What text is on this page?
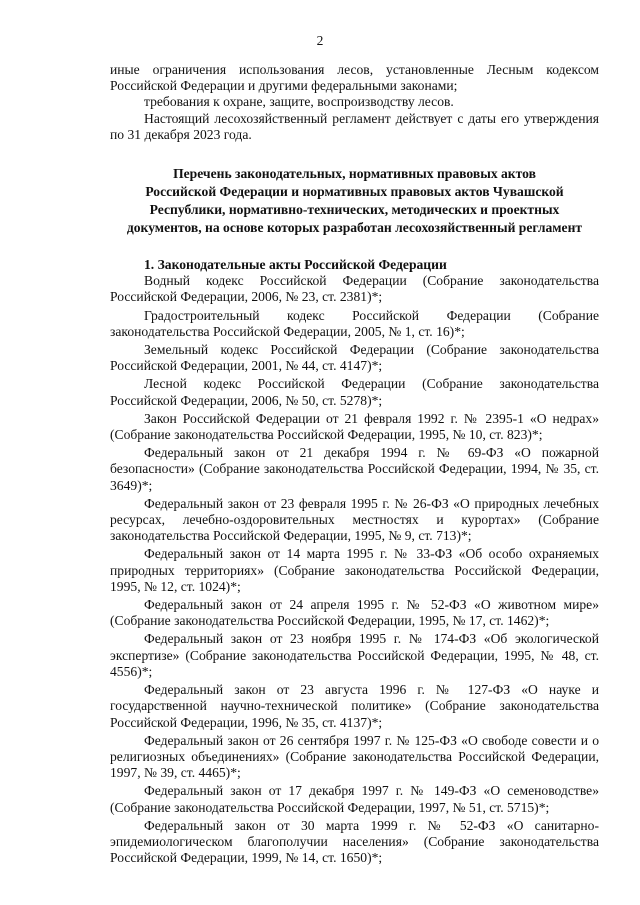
2

иные ограничения использования лесов, установленные Лесным кодексом Российской Федерации и другими федеральными законами;

требования к охране, защите, воспроизводству лесов.

Настоящий лесохозяйственный регламент действует с даты его утверждения по 31 декабря 2023 года.

Перечень законодательных, нормативных правовых актов
Российской Федерации и нормативных правовых актов Чувашской
Республики, нормативно-технических, методических и проектных
документов, на основе которых разработан лесохозяйственный регламент

1. Законодательные акты Российской Федерации

Водный кодекс Российской Федерации (Собрание законодательства Российской Федерации, 2006, № 23, ст. 2381)*;

Градостроительный кодекс Российской Федерации (Собрание законодательства Российской Федерации, 2005, № 1, ст. 16)*;

Земельный кодекс Российской Федерации (Собрание законодательства Российской Федерации, 2001, № 44, ст. 4147)*;

Лесной кодекс Российской Федерации (Собрание законодательства Российской Федерации, 2006, № 50, ст. 5278)*;

Закон Российской Федерации от 21 февраля 1992 г. № 2395-1 «О недрах» (Собрание законодательства Российской Федерации, 1995, № 10, ст. 823)*;

Федеральный закон от 21 декабря 1994 г. № 69-ФЗ «О пожарной безопасности» (Собрание законодательства Российской Федерации, 1994, № 35, ст. 3649)*;

Федеральный закон от 23 февраля 1995 г. № 26-ФЗ «О природных лечебных ресурсах, лечебно-оздоровительных местностях и курортах» (Собрание законодательства Российской Федерации, 1995, № 9, ст. 713)*;

Федеральный закон от 14 марта 1995 г. № 33-ФЗ «Об особо охраняемых природных территориях» (Собрание законодательства Российской Федерации, 1995, № 12, ст. 1024)*;

Федеральный закон от 24 апреля 1995 г. № 52-ФЗ «О животном мире» (Собрание законодательства Российской Федерации, 1995, № 17, ст. 1462)*;

Федеральный закон от 23 ноября 1995 г. № 174-ФЗ «Об экологической экспертизе» (Собрание законодательства Российской Федерации, 1995, № 48, ст. 4556)*;

Федеральный закон от 23 августа 1996 г. № 127-ФЗ «О науке и государственной научно-технической политике» (Собрание законодательства Российской Федерации, 1996, № 35, ст. 4137)*;

Федеральный закон от 26 сентября 1997 г. № 125-ФЗ «О свободе совести и о религиозных объединениях» (Собрание законодательства Российской Федерации, 1997, № 39, ст. 4465)*;

Федеральный закон от 17 декабря 1997 г. № 149-ФЗ «О семеноводстве» (Собрание законодательства Российской Федерации, 1997, № 51, ст. 5715)*;

Федеральный закон от 30 марта 1999 г. № 52-ФЗ «О санитарно-эпидемиологическом благополучии населения» (Собрание законодательства Российской Федерации, 1999, № 14, ст. 1650)*;
